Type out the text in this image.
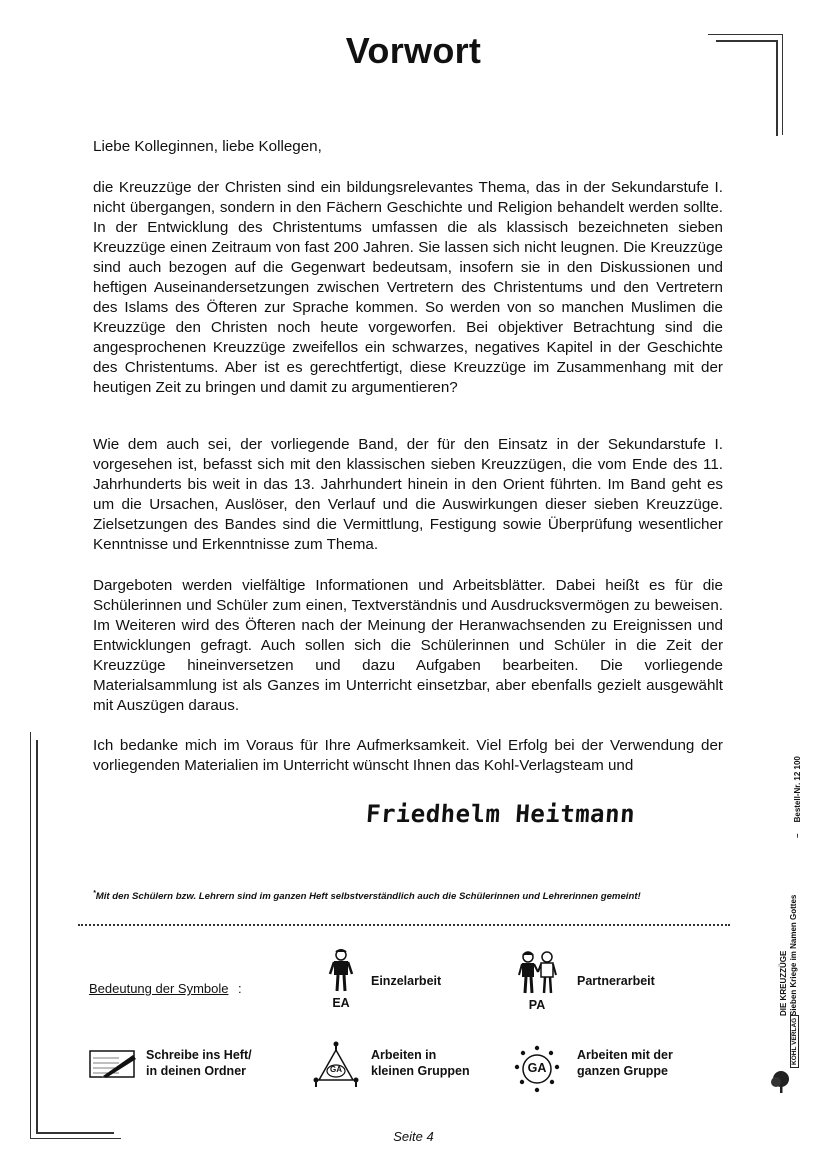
Vorwort
Liebe Kolleginnen, liebe Kollegen,

die Kreuzzüge der Christen sind ein bildungsrelevantes Thema, das in der Sekundarstufe I. nicht übergangen, sondern in den Fächern Geschichte und Religion behandelt werden sollte. In der Entwicklung des Christentums umfassen die als klassisch bezeichneten sieben Kreuzzüge einen Zeitraum von fast 200 Jahren. Sie lassen sich nicht leugnen. Die Kreuzzüge sind auch bezogen auf die Gegenwart bedeutsam, insofern sie in den Diskussionen und heftigen Auseinandersetzungen zwischen Vertretern des Christentums und den Vertretern des Islams des Öfteren zur Sprache kommen. So werden von so manchen Muslimen die Kreuzzüge den Christen noch heute vorgeworfen. Bei objektiver Betrachtung sind die angesprochenen Kreuzzüge zweifellos ein schwarzes, negatives Kapitel in der Geschichte des Christentums. Aber ist es gerechtfertigt, diese Kreuzzüge im Zusammenhang mit der heutigen Zeit zu bringen und damit zu argumentieren?

Wie dem auch sei, der vorliegende Band, der für den Einsatz in der Sekundarstufe I. vorgesehen ist, befasst sich mit den klassischen sieben Kreuzzügen, die vom Ende des 11. Jahrhunderts bis weit in das 13. Jahrhundert hinein in den Orient führten. Im Band geht es um die Ursachen, Auslöser, den Verlauf und die Auswirkungen dieser sieben Kreuzzüge. Zielsetzungen des Bandes sind die Vermittlung, Festigung sowie Überprüfung wesentlicher Kenntnisse und Erkenntnisse zum Thema.

Dargeboten werden vielfältige Informationen und Arbeitsblätter. Dabei heißt es für die Schülerinnen und Schüler zum einen, Textverständnis und Ausdrucksvermögen zu beweisen. Im Weiteren wird des Öfteren nach der Meinung der Heranwachsenden zu Ereignissen und Entwicklungen gefragt. Auch sollen sich die Schülerinnen und Schüler in die Zeit der Kreuzzüge hineinversetzen und dazu Aufgaben bearbeiten. Die vorliegende Materialsammlung ist als Ganzes im Unterricht einsetzbar, aber ebenfalls gezielt ausgewählt mit Auszügen daraus.

Ich bedanke mich im Voraus für Ihre Aufmerksamkeit. Viel Erfolg bei der Verwendung der vorliegenden Materialien im Unterricht wünscht Ihnen das Kohl-Verlagsteam und

Friedhelm Heitmann
*Mit den Schülern bzw. Lehrern sind im ganzen Heft selbstverständlich auch die Schülerinnen und Lehrerinnen gemeint!
Bedeutung der Symbole :
EA
Einzelarbeit
PA
Partnerarbeit
Schreibe ins Heft/
in deinen Ordner	GA
Arbeiten in
kleinen Gruppen	GA
Arbeiten mit der
ganzen Gruppe
DIE KREUZZÜGE Sieben Kriege im Namen Gottes
–     Bestell-Nr. 12 100
KOHL VERLAG
Seite 4
